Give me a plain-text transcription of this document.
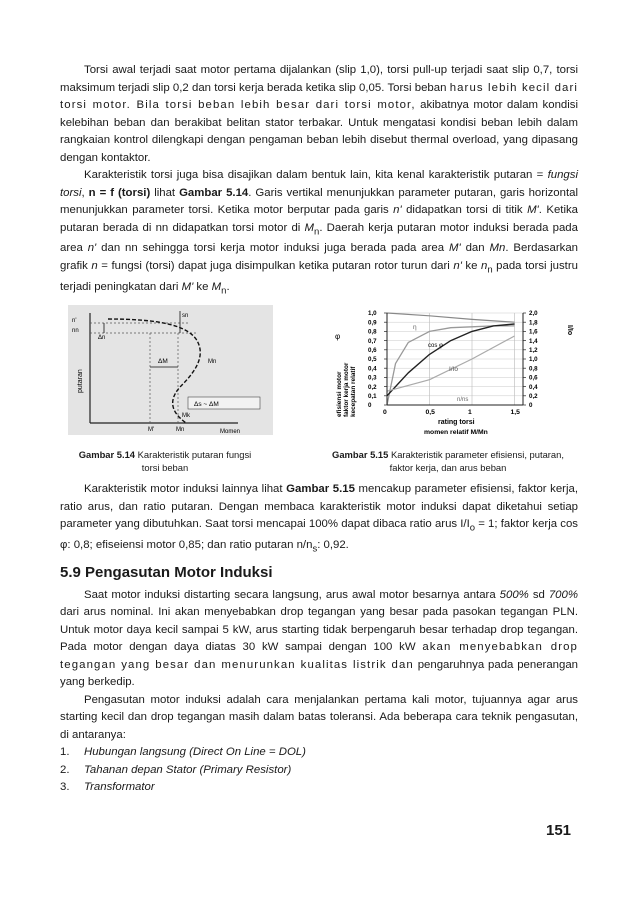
Torsi awal terjadi saat motor pertama dijalankan (slip 1,0), torsi pull-up terjadi saat slip 0,7, torsi maksimum terjadi slip 0,2 dan torsi kerja berada ketika slip 0,05. Torsi beban harus lebih kecil dari torsi motor. Bila torsi beban lebih besar dari torsi motor, akibatnya motor dalam kondisi kelebihan beban dan berakibat belitan stator terbakar. Untuk mengatasi kondisi beban lebih dalam rangkaian kontrol dilengkapi dengan pengaman beban lebih disebut thermal overload, yang dipasang dengan kontaktor.

Karakteristik torsi juga bisa disajikan dalam bentuk lain, kita kenal karakteristik putaran = fungsi torsi, n = f (torsi) lihat Gambar 5.14. Garis vertikal menunjukkan parameter putaran, garis horizontal menunjukkan parameter torsi. Ketika motor berputar pada garis n' didapatkan torsi di titik M'. Ketika putaran berada di nn didapatkan torsi motor di $M_n$. Daerah kerja putaran motor induksi berada pada area n' dan nn sehingga torsi kerja motor induksi juga berada pada area M' dan Mn. Berdasarkan grafik n = fungsi (torsi) dapat juga disimpulkan ketika putaran rotor turun dari n' ke $n_n$ pada torsi justru terjadi peningkatan dari M' ke $M_n$.

n'
nn
Δn
sn
putaran
ΔM	Mn
Mk
Δs ~ ΔM
M'	Mn	Momen
φ
efisiensi motor faktor kerja motor kecepatan relatif
I/Io
0	0,5	1	1,5
1,0
0,9
0,8
0,7
0,6
0,5
0,4
0,3
0,2
0,1
0
2,0
1,8
1,6
1,4
1,2
1,0
0,8
0,6
0,4
0,2
0
n/ns
η
cos φ
I/Io
rating torsi
momen relatif M/Mn
Gambar 5.14 Karakteristik putaran fungsi torsi beban
Gambar 5.15 Karakteristik parameter efisiensi, putaran, faktor kerja, dan arus beban

Karakteristik motor induksi lainnya lihat Gambar 5.15 mencakup parameter efisiensi, faktor kerja, ratio arus, dan ratio putaran. Dengan membaca karakteristik motor induksi dapat diketahui setiap parameter yang dibutuhkan. Saat torsi mencapai 100% dapat dibaca ratio arus $I/I_o = 1$; faktor kerja cos φ: 0,8; efiseiensi motor 0,85; dan ratio putaran $n/n_s$: 0,92.

5.9 Pengasutan Motor Induksi

Saat motor induksi distarting secara langsung, arus awal motor besarnya antara 500% sd 700% dari arus nominal. Ini akan menyebabkan drop tegangan yang besar pada pasokan tegangan PLN. Untuk motor daya kecil sampai 5 kW, arus starting tidak berpengaruh besar terhadap drop tegangan. Pada motor dengan daya diatas 30 kW sampai dengan 100 kW akan menyebabkan drop tegangan yang besar dan menurunkan kualitas listrik dan pengaruhnya pada penerangan yang berkedip.

Pengasutan motor induksi adalah cara menjalankan pertama kali motor, tujuannya agar arus starting kecil dan drop tegangan masih dalam batas toleransi. Ada beberapa cara teknik pengasutan, di antaranya:

1.	Hubungan langsung (Direct On Line = DOL)
2.	Tahanan depan Stator (Primary Resistor)
3.	Transformator
151
